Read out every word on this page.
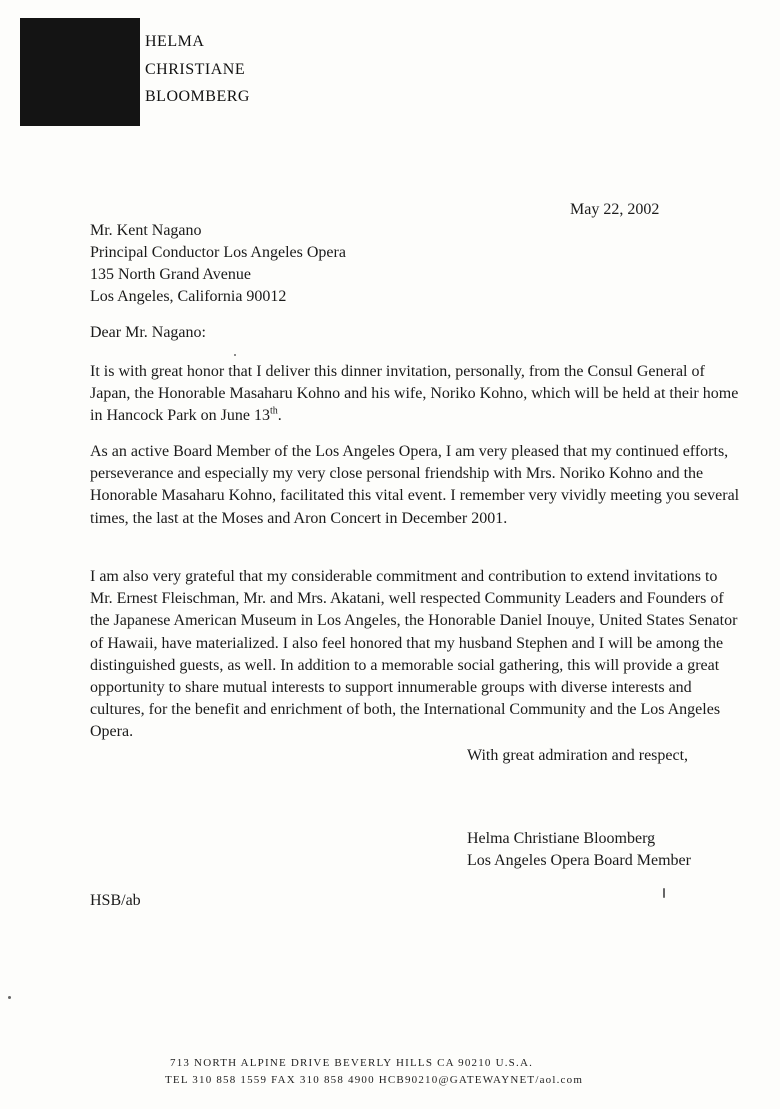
HELMA
CHRISTIANE
BLOOMBERG
May 22, 2002
Mr. Kent Nagano
Principal Conductor Los Angeles Opera
135 North Grand Avenue
Los Angeles, California 90012
Dear Mr. Nagano:

It is with great honor that I deliver this dinner invitation, personally, from the Consul General of Japan, the Honorable Masaharu Kohno and his wife, Noriko Kohno, which will be held at their home in Hancock Park on June 13th.

As an active Board Member of the Los Angeles Opera, I am very pleased that my continued efforts, perseverance and especially my very close personal friendship with Mrs. Noriko Kohno and the Honorable Masaharu Kohno, facilitated this vital event. I remember very vividly meeting you several times, the last at the Moses and Aron Concert in December 2001.

I am also very grateful that my considerable commitment and contribution to extend invitations to Mr. Ernest Fleischman, Mr. and Mrs. Akatani, well respected Community Leaders and Founders of the Japanese American Museum in Los Angeles, the Honorable Daniel Inouye, United States Senator of Hawaii, have materialized. I also feel honored that my husband Stephen and I will be among the distinguished guests, as well. In addition to a memorable social gathering, this will provide a great opportunity to share mutual interests to support innumerable groups with diverse interests and cultures, for the benefit and enrichment of both, the International Community and the Los Angeles Opera.

With great admiration and respect,
Helma Christiane Bloomberg
Los Angeles Opera Board Member
HSB/ab
713 NORTH ALPINE DRIVE BEVERLY HILLS CA 90210 U.S.A.
TEL 310 858 1559 FAX 310 858 4900 HCB90210@GATEWAYNET/aol.com
